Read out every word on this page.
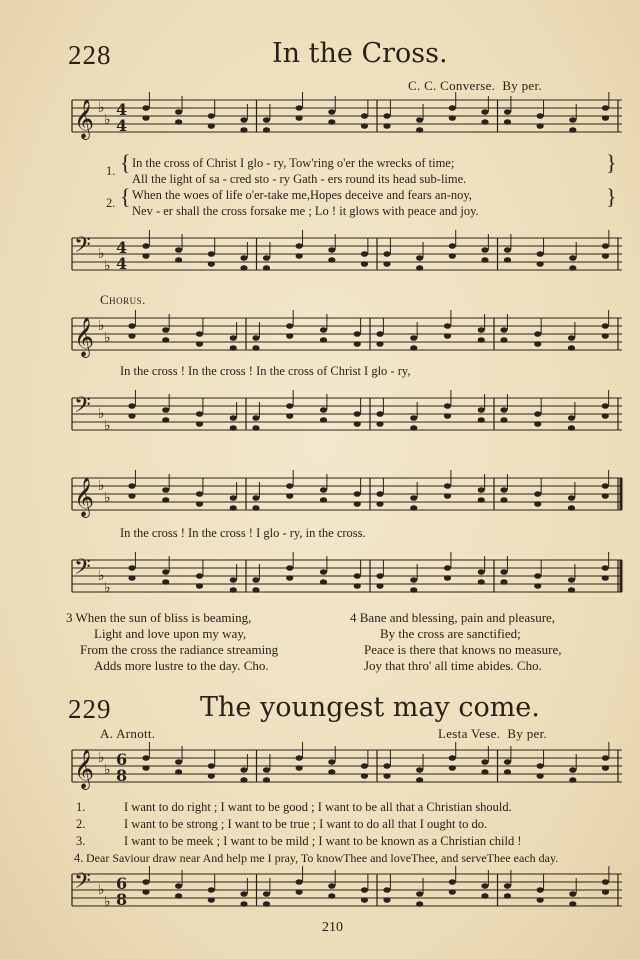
228	In the Cross.
C. C. Converse. By per.
𝄞 ♭
♭
4
4
1. { In the cross of Christ I glo - ry, Tow'ring o'er the wrecks of time;
All the light of sa - cred sto - ry Gath - ers round its head sub-lime.
}
2. { When the woes of life o'er-take me,Hopes deceive and fears an-noy,
Nev - er shall the cross forsake me ; Lo ! it glows with peace and joy.
}
𝄢 ♭
♭
4
4
Chorus.
𝄞 ♭
♭
In the cross ! In the cross ! In the cross of Christ I glo - ry,
𝄢 ♭
♭
𝄞 ♭
♭
In the cross ! In the cross ! I glo - ry, in the cross.
𝄢 ♭
♭
3 When the sun of bliss is beaming,
Light and love upon my way,
From the cross the radiance streaming
Adds more lustre to the day. Cho.
4 Bane and blessing, pain and pleasure,
By the cross are sanctified;
Peace is there that knows no measure,
Joy that thro' all time abides. Cho.
229	The youngest may come.
A. Arnott.	Lesta Vese. By per.
𝄞 ♭
♭
6
8
1.	I want to do right ; I want to be good ; I want to be all that a Christian should.
2.	I want to be strong ; I want to be true ; I want to do all that I ought to do.
3.	I want to be meek ; I want to be mild ; I want to be known as a Christian child !
4. Dear Saviour draw near And help me I pray, To knowThee and loveThee, and serveThee each day.
𝄢 ♭
♭
6
8
210
